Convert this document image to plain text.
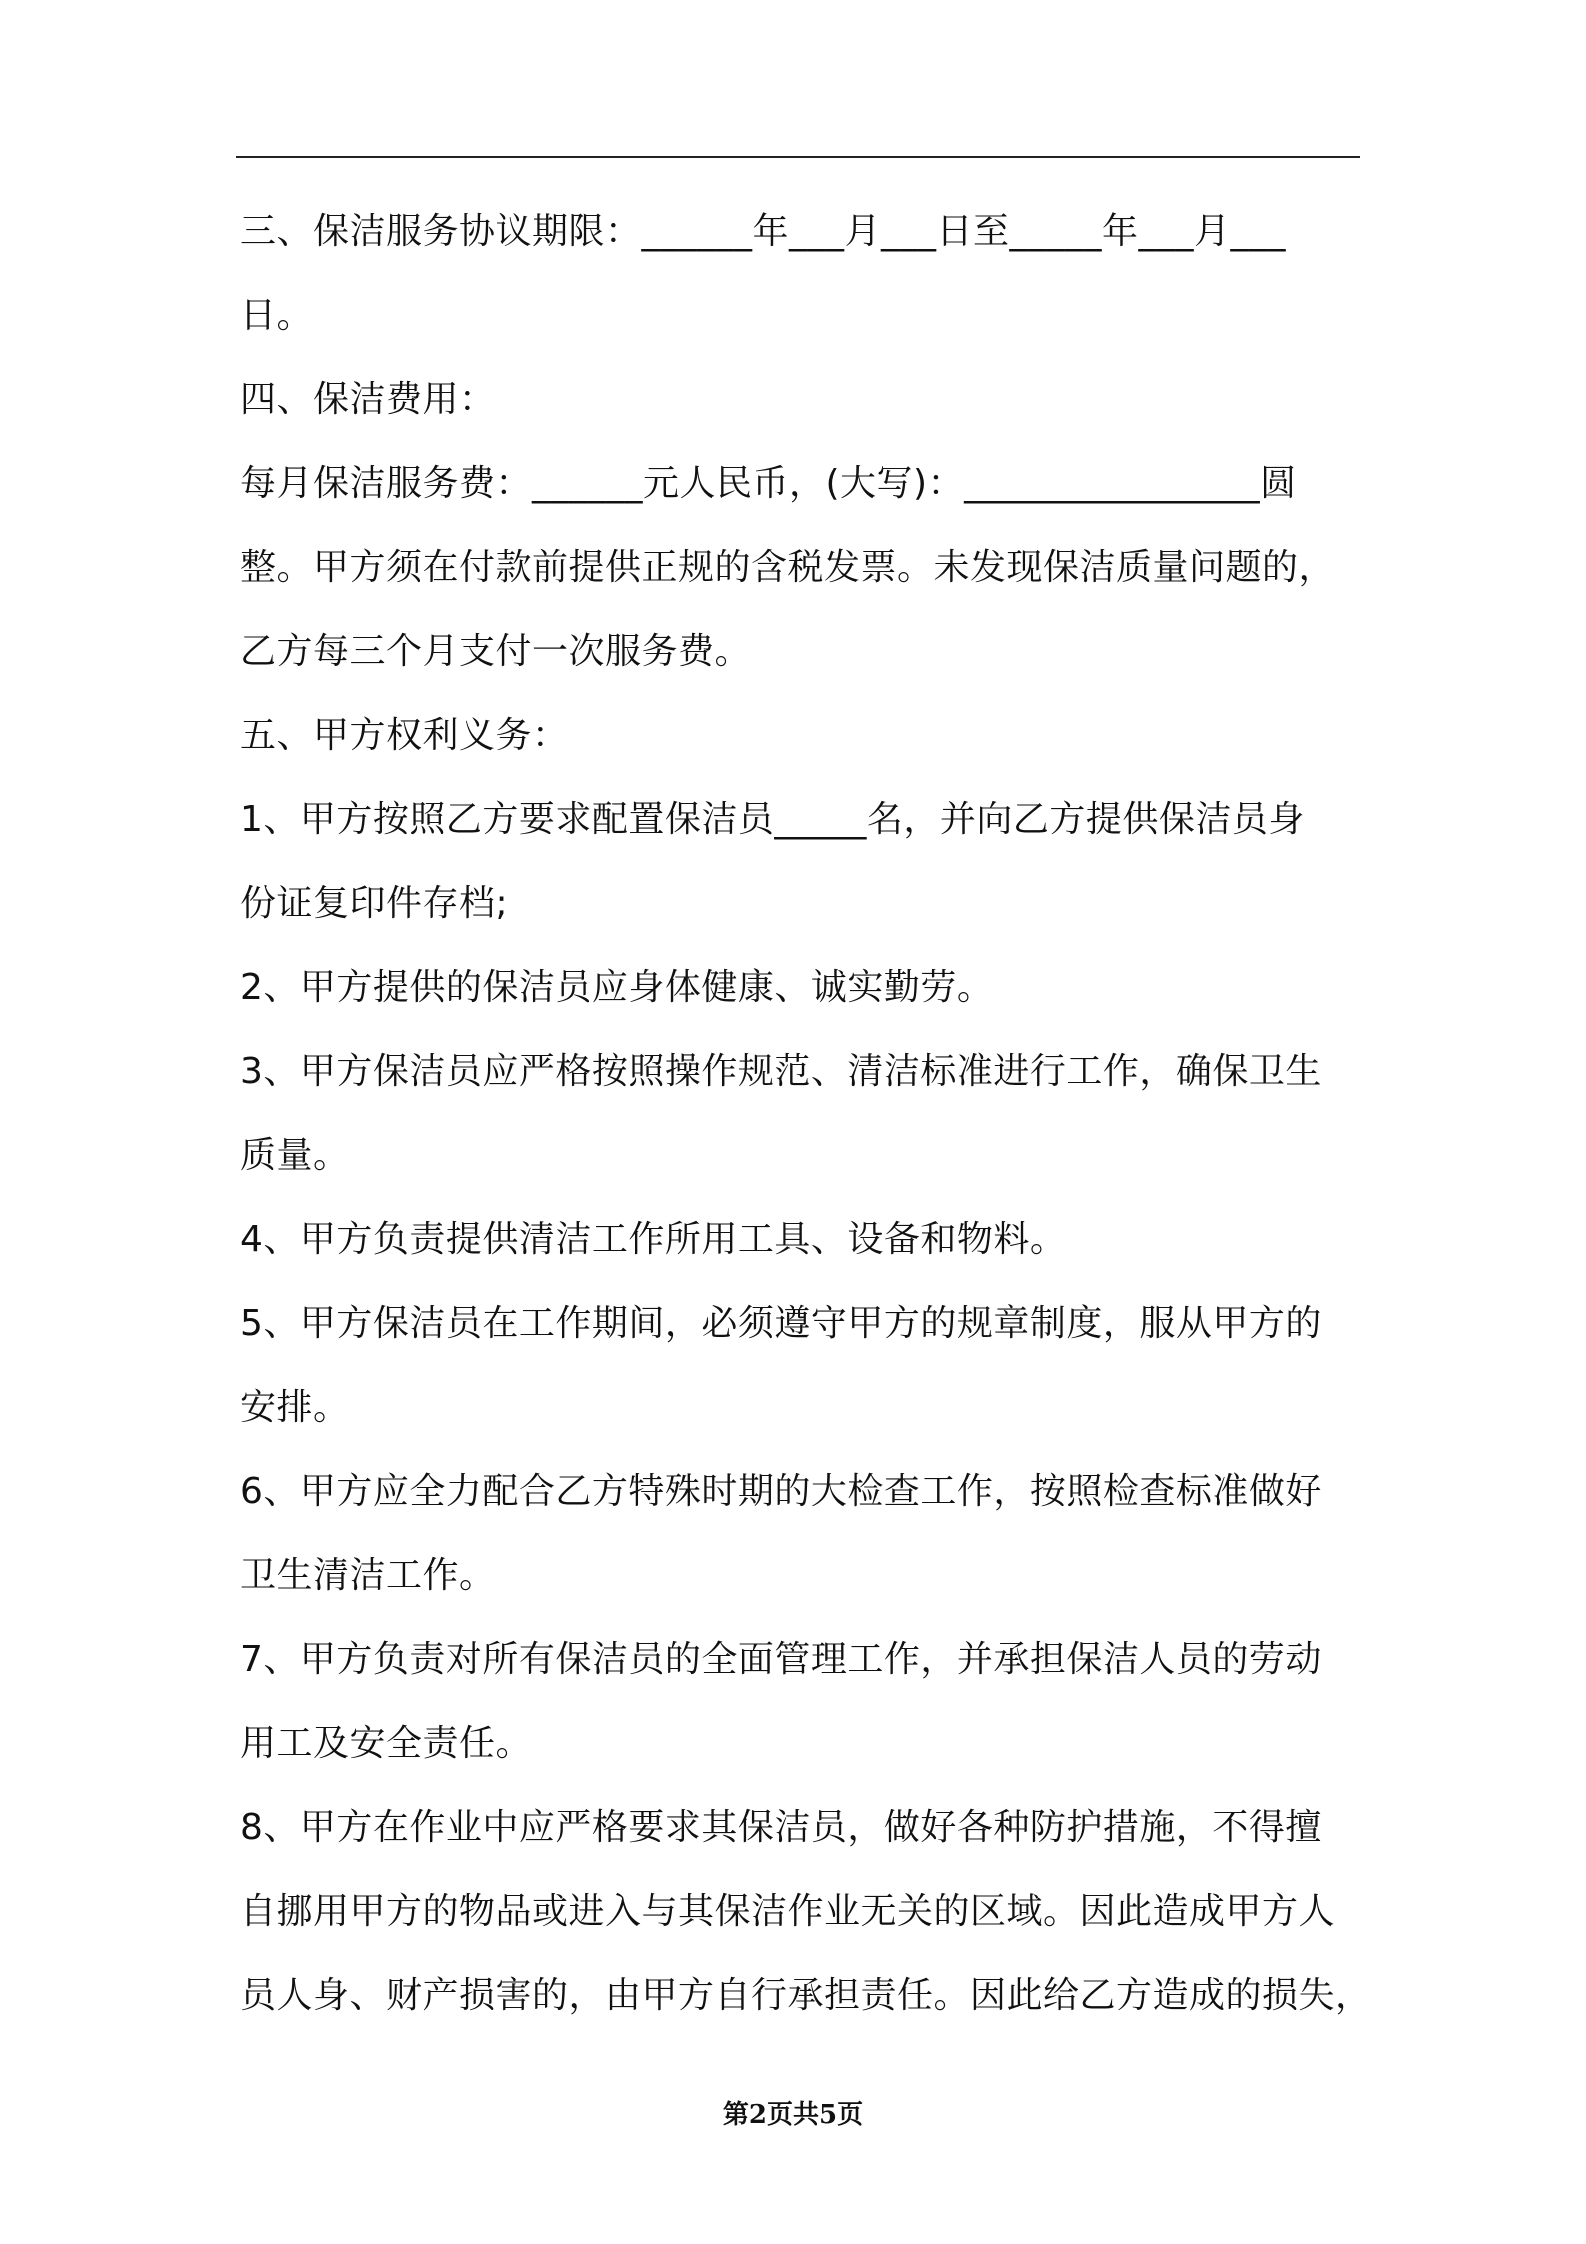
三、保洁服务协议期限：______年___月___日至_____年___月___
日。
四、保洁费用：
每月保洁服务费：______元人民币，(大写)：________________圆
整。甲方须在付款前提供正规的含税发票。未发现保洁质量问题的，
乙方每三个月支付一次服务费。
五、甲方权利义务：
1、甲方按照乙方要求配置保洁员_____名，并向乙方提供保洁员身
份证复印件存档;
2、甲方提供的保洁员应身体健康、诚实勤劳。
3、甲方保洁员应严格按照操作规范、清洁标准进行工作，确保卫生
质量。
4、甲方负责提供清洁工作所用工具、设备和物料。
5、甲方保洁员在工作期间，必须遵守甲方的规章制度，服从甲方的
安排。
6、甲方应全力配合乙方特殊时期的大检查工作，按照检查标准做好
卫生清洁工作。
7、甲方负责对所有保洁员的全面管理工作，并承担保洁人员的劳动
用工及安全责任。
8、甲方在作业中应严格要求其保洁员，做好各种防护措施，不得擅
自挪用甲方的物品或进入与其保洁作业无关的区域。因此造成甲方人
员人身、财产损害的，由甲方自行承担责任。因此给乙方造成的损失，
第2页共5页
